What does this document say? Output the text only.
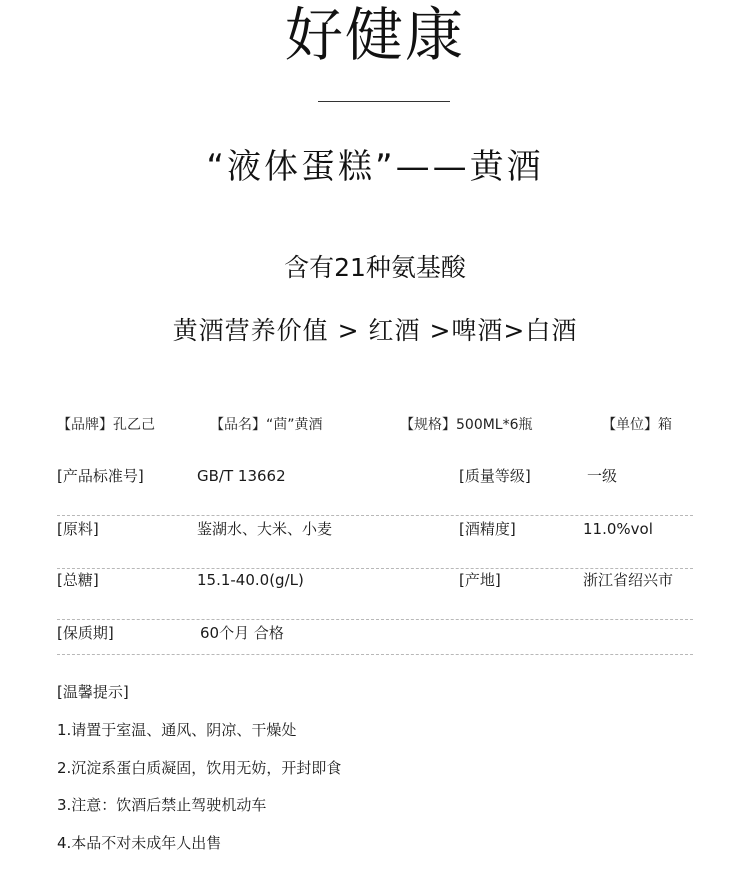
好健康
“液体蛋糕”——黄酒
含有21种氨基酸
黄酒营养价值 > 红酒 >啤酒>白酒
【品牌】孔乙己	【品名】“茴”黄酒	【规格】500ML*6瓶	【单位】箱
[产品标准号]	GB/T 13662	[质量等级]	一级
[原料]	鉴湖水、大米、小麦	[酒精度]	11.0%vol
[总糖]	15.1-40.0(g/L)	[产地]	浙江省绍兴市
[保质期]	60个月 合格
[温馨提示]
1.请置于室温、通风、阴凉、干燥处
2.沉淀系蛋白质凝固，饮用无妨，开封即食
3.注意：饮酒后禁止驾驶机动车
4.本品不对未成年人出售
